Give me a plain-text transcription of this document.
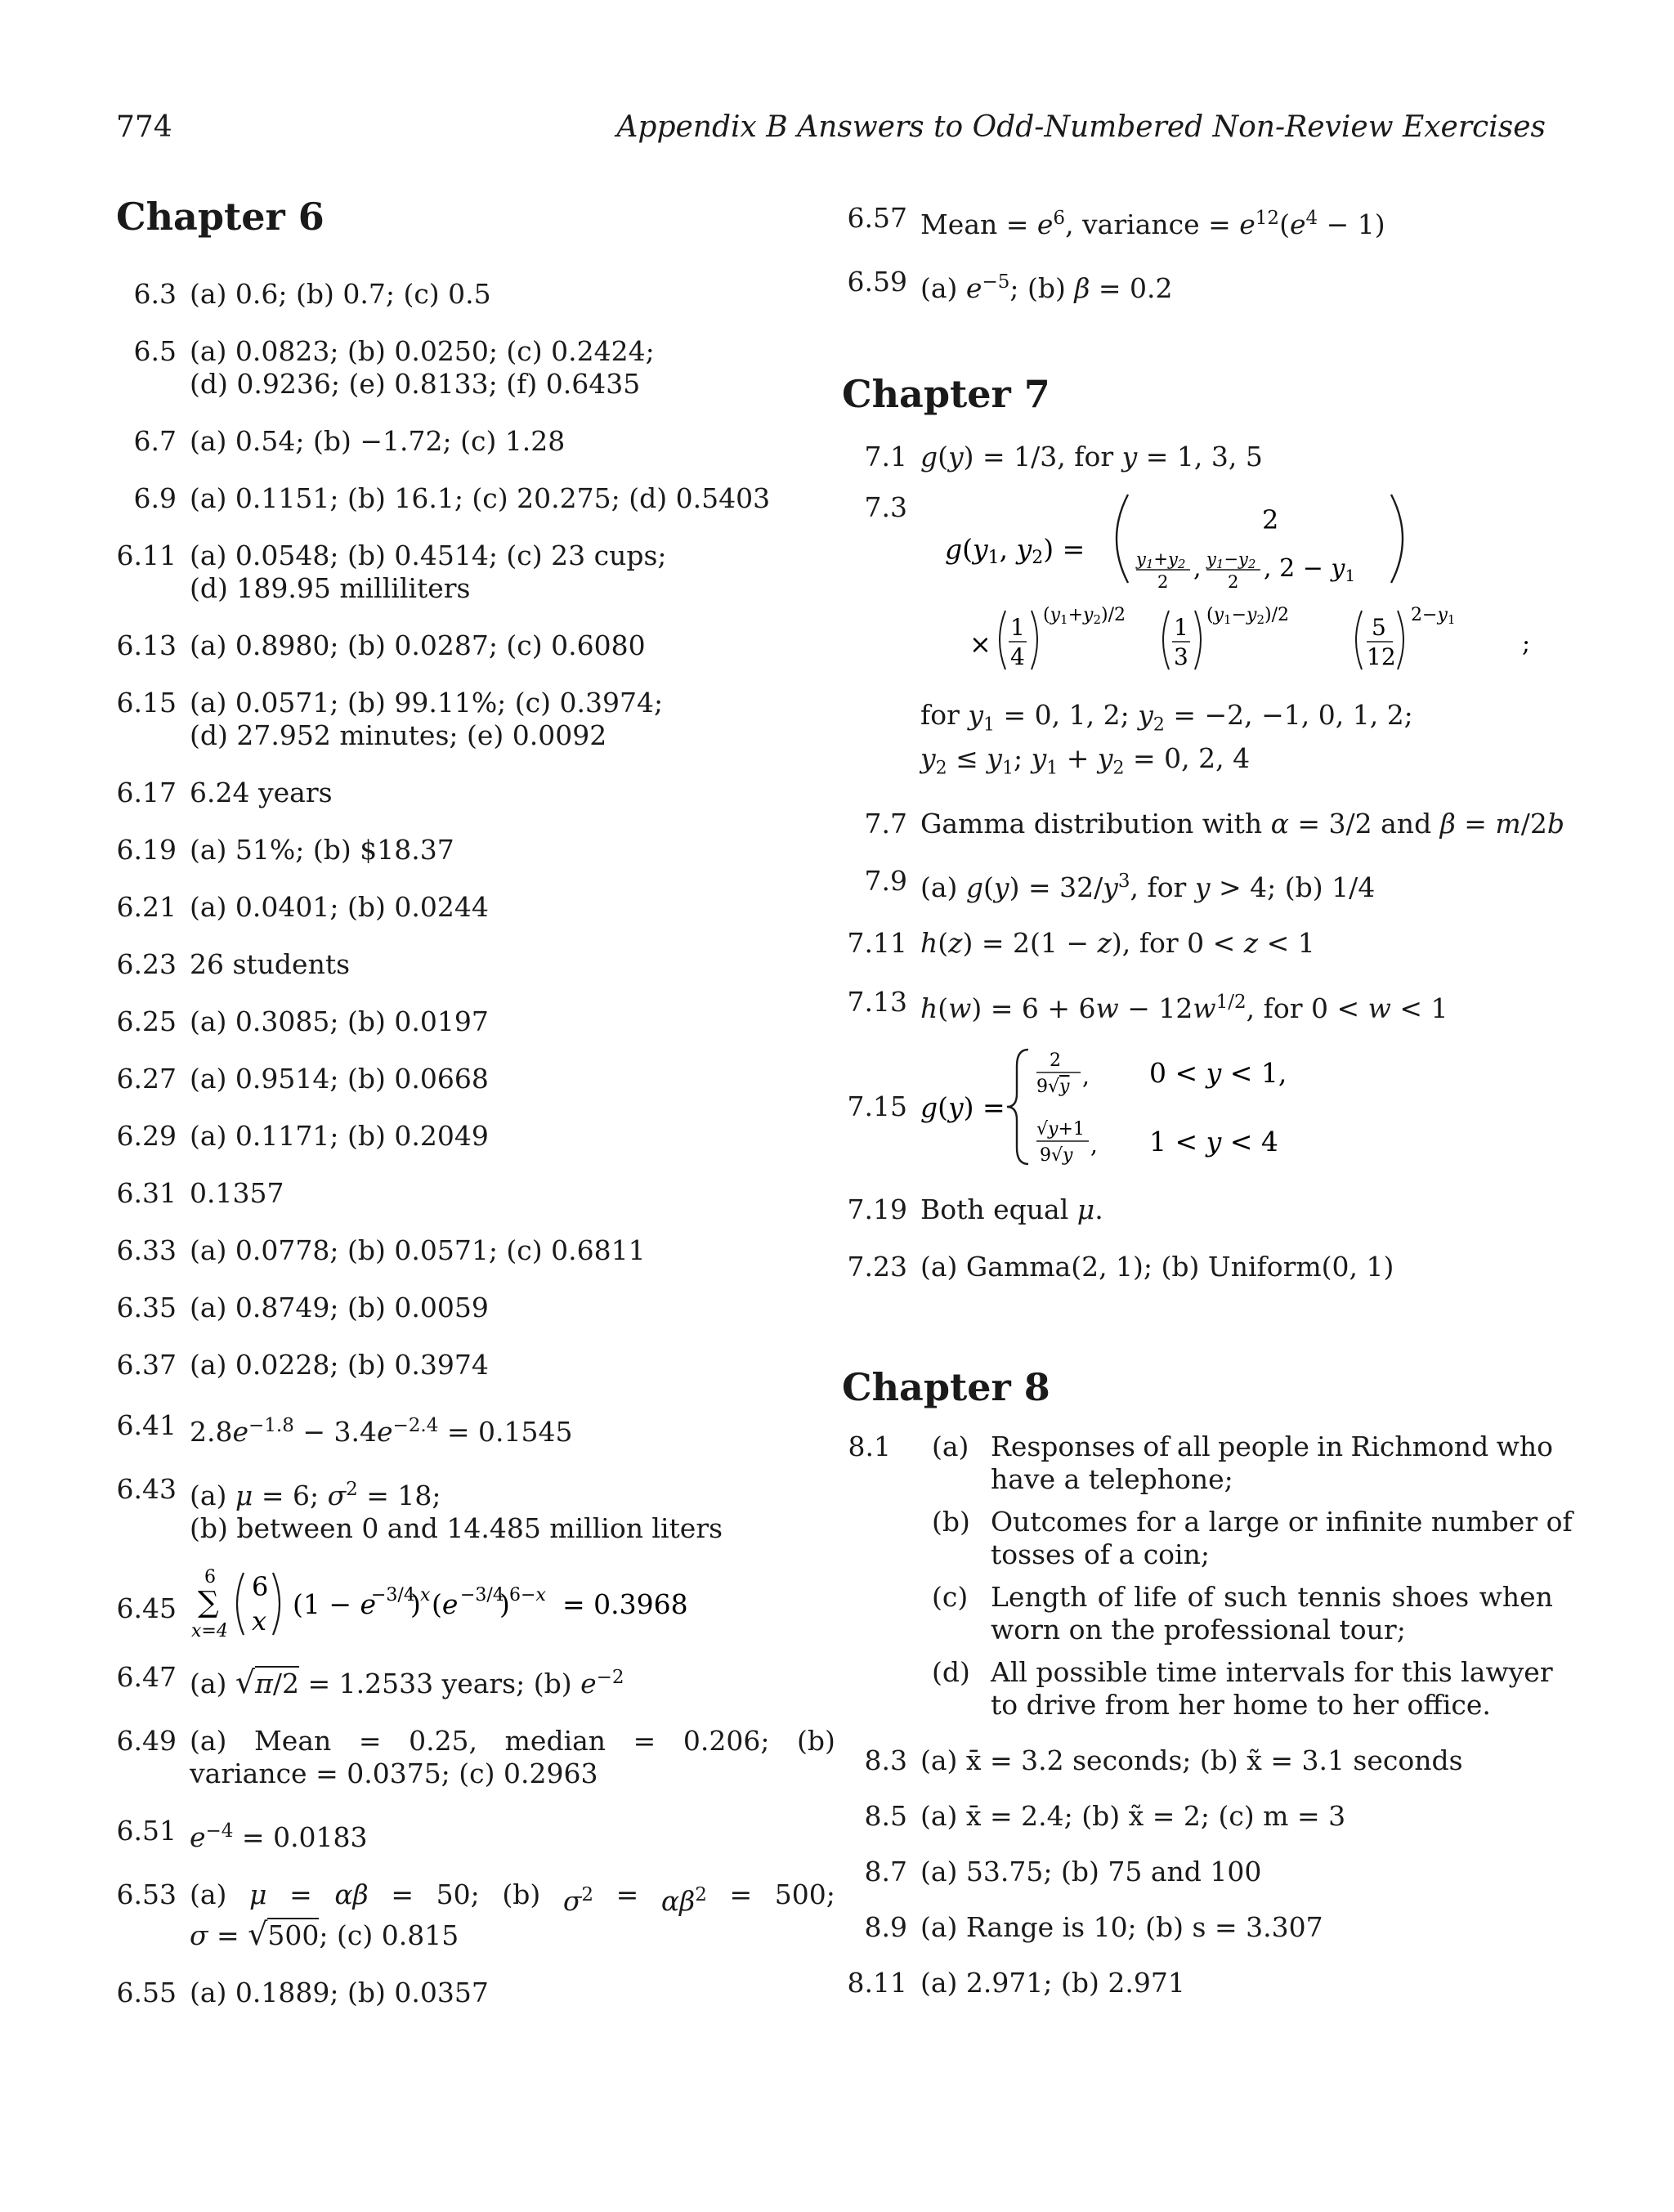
774	Appendix B Answers to Odd-Numbered Non-Review Exercises
Chapter 6
6.3 (a) 0.6; (b) 0.7; (c) 0.5
6.5 (a) 0.0823; (b) 0.0250; (c) 0.2424;
(d) 0.9236; (e) 0.8133; (f) 0.6435
6.7 (a) 0.54; (b) −1.72; (c) 1.28
6.9 (a) 0.1151; (b) 16.1; (c) 20.275; (d) 0.5403
6.11 (a) 0.0548; (b) 0.4514; (c) 23 cups;
(d) 189.95 milliliters
6.13 (a) 0.8980; (b) 0.0287; (c) 0.6080
6.15 (a) 0.0571; (b) 99.11%; (c) 0.3974;
(d) 27.952 minutes; (e) 0.0092
6.17 6.24 years
6.19 (a) 51%; (b) $18.37
6.21 (a) 0.0401; (b) 0.0244
6.23 26 students
6.25 (a) 0.3085; (b) 0.0197
6.27 (a) 0.9514; (b) 0.0668
6.29 (a) 0.1171; (b) 0.2049
6.31 0.1357
6.33 (a) 0.0778; (b) 0.0571; (c) 0.6811
6.35 (a) 0.8749; (b) 0.0059
6.37 (a) 0.0228; (b) 0.3974
6.41 $2.8e^{-1.8} - 3.4e^{-2.4} = 0.1545$
6.43 (a) μ = 6; $\sigma^2 = 18$;
(b) between 0 and 14.485 million liters
6.45
6
∑
x=4
6
x
(1 − e
−3/4
) x (e −3/4
) 6−x = 0.3968
6.47 (a) √π/2 = 1.2533 years; (b) $e^{-2}$
6.49 (a) Mean = 0.25, median = 0.206; (b)
variance = 0.0375; (c) 0.2963
6.51 $e^{-4} = 0.0183$
6.53 (a) μ = αβ = 50; (b) $\sigma^2 = \alpha\beta^2 = 500$;
σ = √500; (c) 0.815
6.55 (a) 0.1889; (b) 0.0357
6.57 Mean = $e^6$, variance = $e^{12}(e^4 - 1)$
6.59 (a) $e^{-5}$; (b) β = 0.2
Chapter 7
7.1 g(y) = 1/3, for y = 1, 3, 5
7.3
g(y1, y2) =
2
y1+y2
2 , y1−y2
2 , $2 - y_1$
×
1
4
(y1+y2)/2 1
3
(y1−y2)/2	5
12
2−y1
;
for $y_1 = 0$, 1, 2; $y_2 = -2$, −1, 0, 1, 2;
$y_2 \le y_1$; $y_1 + y_2 = 0$, 2, 4
7.7 Gamma distribution with α = 3/2 and β = m/2b
7.9 (a) $g(y) = 32/y^3$, for y > 4; (b) 1/4
7.11 h(z) = 2(1 − z), for 0 < z < 1
7.13 $h(w) = 6 + 6w - 12w^{1/2}$, for 0 < w < 1
7.15 g(y) =
2
9√y , 0 < y < 1,
√y+1
9√y , 1 < y < 4
7.19 Both equal μ.
7.23 (a) Gamma(2, 1); (b) Uniform(0, 1)
Chapter 8
8.1 (a) Responses of all people in Richmond who
have a telephone;
(b) Outcomes for a large or infinite number of
tosses of a coin;
(c) Length of life of such tennis shoes when
worn on the professional tour;
(d) All possible time intervals for this lawyer
to drive from her home to her office.
8.3 (a) x̄ = 3.2 seconds; (b) x̃ = 3.1 seconds
8.5 (a) x̄ = 2.4; (b) x̃ = 2; (c) m = 3
8.7 (a) 53.75; (b) 75 and 100
8.9 (a) Range is 10; (b) s = 3.307
8.11 (a) 2.971; (b) 2.971
